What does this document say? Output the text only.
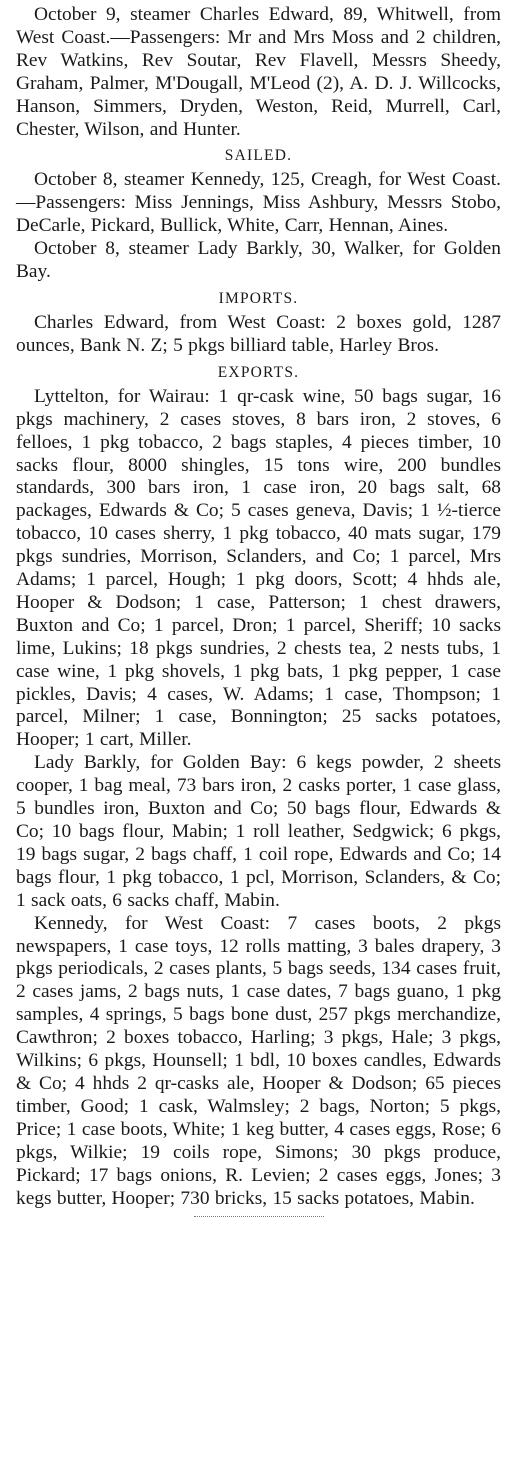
October 9, steamer Charles Edward, 89, Whitwell, from West Coast.—Passengers: Mr and Mrs Moss and 2 children, Rev Watkins, Rev Soutar, Rev Flavell, Messrs Sheedy, Graham, Palmer, M'Dougall, M'Leod (2), A. D. J. Willcocks, Hanson, Simmers, Dryden, Weston, Reid, Murrell, Carl, Chester, Wilson, and Hunter.

SAILED.

October 8, steamer Kennedy, 125, Creagh, for West Coast.—Passengers: Miss Jennings, Miss Ashbury, Messrs Stobo, DeCarle, Pickard, Bullick, White, Carr, Hennan, Aines.

October 8, steamer Lady Barkly, 30, Walker, for Golden Bay.

IMPORTS.

Charles Edward, from West Coast: 2 boxes gold, 1287 ounces, Bank N. Z; 5 pkgs billiard table, Harley Bros.

EXPORTS.

Lyttelton, for Wairau: 1 qr-cask wine, 50 bags sugar, 16 pkgs machinery, 2 cases stoves, 8 bars iron, 2 stoves, 6 felloes, 1 pkg tobacco, 2 bags staples, 4 pieces timber, 10 sacks flour, 8000 shingles, 15 tons wire, 200 bundles standards, 300 bars iron, 1 case iron, 20 bags salt, 68 packages, Edwards & Co; 5 cases geneva, Davis; 1 ½-tierce tobacco, 10 cases sherry, 1 pkg tobacco, 40 mats sugar, 179 pkgs sundries, Morrison, Sclanders, and Co; 1 parcel, Mrs Adams; 1 parcel, Hough; 1 pkg doors, Scott; 4 hhds ale, Hooper & Dodson; 1 case, Patterson; 1 chest drawers, Buxton and Co; 1 parcel, Dron; 1 parcel, Sheriff; 10 sacks lime, Lukins; 18 pkgs sundries, 2 chests tea, 2 nests tubs, 1 case wine, 1 pkg shovels, 1 pkg bats, 1 pkg pepper, 1 case pickles, Davis; 4 cases, W. Adams; 1 case, Thompson; 1 parcel, Milner; 1 case, Bonnington; 25 sacks potatoes, Hooper; 1 cart, Miller.

Lady Barkly, for Golden Bay: 6 kegs powder, 2 sheets cooper, 1 bag meal, 73 bars iron, 2 casks porter, 1 case glass, 5 bundles iron, Buxton and Co; 50 bags flour, Edwards & Co; 10 bags flour, Mabin; 1 roll leather, Sedgwick; 6 pkgs, 19 bags sugar, 2 bags chaff, 1 coil rope, Edwards and Co; 14 bags flour, 1 pkg tobacco, 1 pcl, Morrison, Sclanders, & Co; 1 sack oats, 6 sacks chaff, Mabin.

Kennedy, for West Coast: 7 cases boots, 2 pkgs newspapers, 1 case toys, 12 rolls matting, 3 bales drapery, 3 pkgs periodicals, 2 cases plants, 5 bags seeds, 134 cases fruit, 2 cases jams, 2 bags nuts, 1 case dates, 7 bags guano, 1 pkg samples, 4 springs, 5 bags bone dust, 257 pkgs merchandize, Cawthron; 2 boxes tobacco, Harling; 3 pkgs, Hale; 3 pkgs, Wilkins; 6 pkgs, Hounsell; 1 bdl, 10 boxes candles, Edwards & Co; 4 hhds 2 qr-casks ale, Hooper & Dodson; 65 pieces timber, Good; 1 cask, Walmsley; 2 bags, Norton; 5 pkgs, Price; 1 case boots, White; 1 keg butter, 4 cases eggs, Rose; 6 pkgs, Wilkie; 19 coils rope, Simons; 30 pkgs produce, Pickard; 17 bags onions, R. Levien; 2 cases eggs, Jones; 3 kegs butter, Hooper; 730 bricks, 15 sacks potatoes, Mabin.
